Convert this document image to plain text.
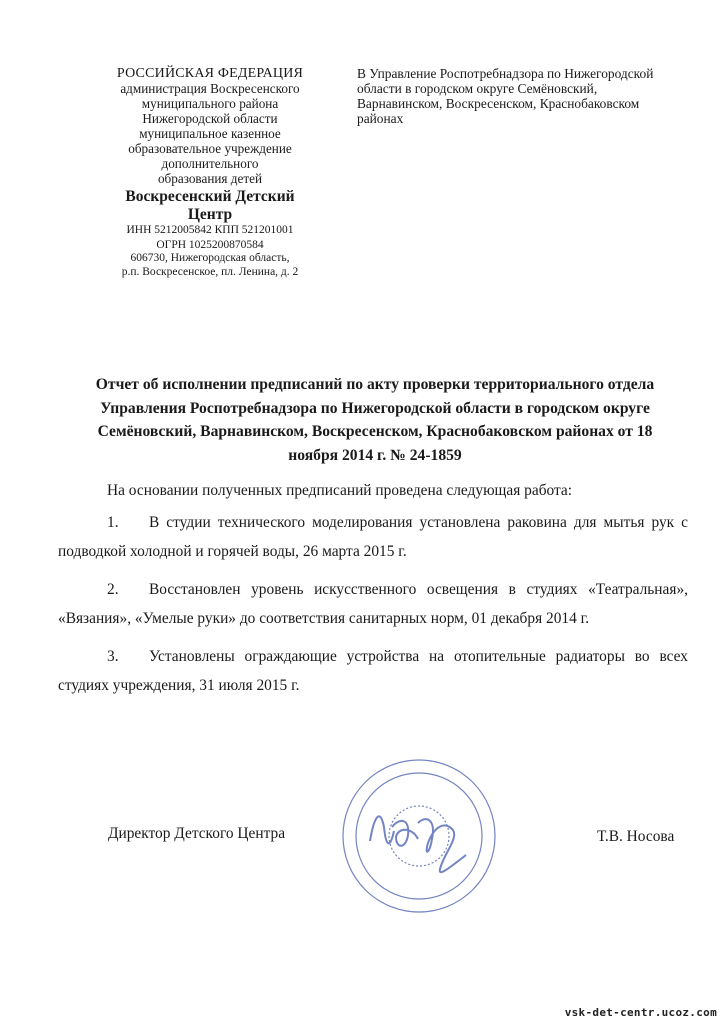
РОССИЙСКАЯ ФЕДЕРАЦИЯ
администрация Воскресенского
муниципального района
Нижегородской области
муниципальное казенное
образовательное учреждение
дополнительного
образования детей
Воскресенский Детский
Центр
ИНН 5212005842 КПП 521201001
ОГРН 1025200870584
606730, Нижегородская область,
р.п. Воскресенское, пл. Ленина, д. 2
В Управление Роспотребнадзора по Нижегородской
области в городском округе Семёновский,
Варнавинском, Воскресенском, Краснобаковском
районах
Отчет об исполнении предписаний по акту проверки территориального отдела
Управления Роспотребнадзора по Нижегородской области в городском округе
Семёновский, Варнавинском, Воскресенском, Краснобаковском районах от 18
ноября 2014 г. № 24-1859

На основании полученных предписаний проведена следующая работа:

1. В студии технического моделирования установлена раковина для мытья рук с подводкой холодной и горячей воды, 26 марта 2015 г.

2. Восстановлен уровень искусственного освещения в студиях «Театральная», «Вязания», «Умелые руки» до соответствия санитарных норм, 01 декабря 2014 г.

3. Установлены ограждающие устройства на отопительные радиаторы во всех студиях учреждения, 31 июля 2015 г.

Директор Детского Центра	Т.В. Носова
vsk-det-centr.ucoz.com
